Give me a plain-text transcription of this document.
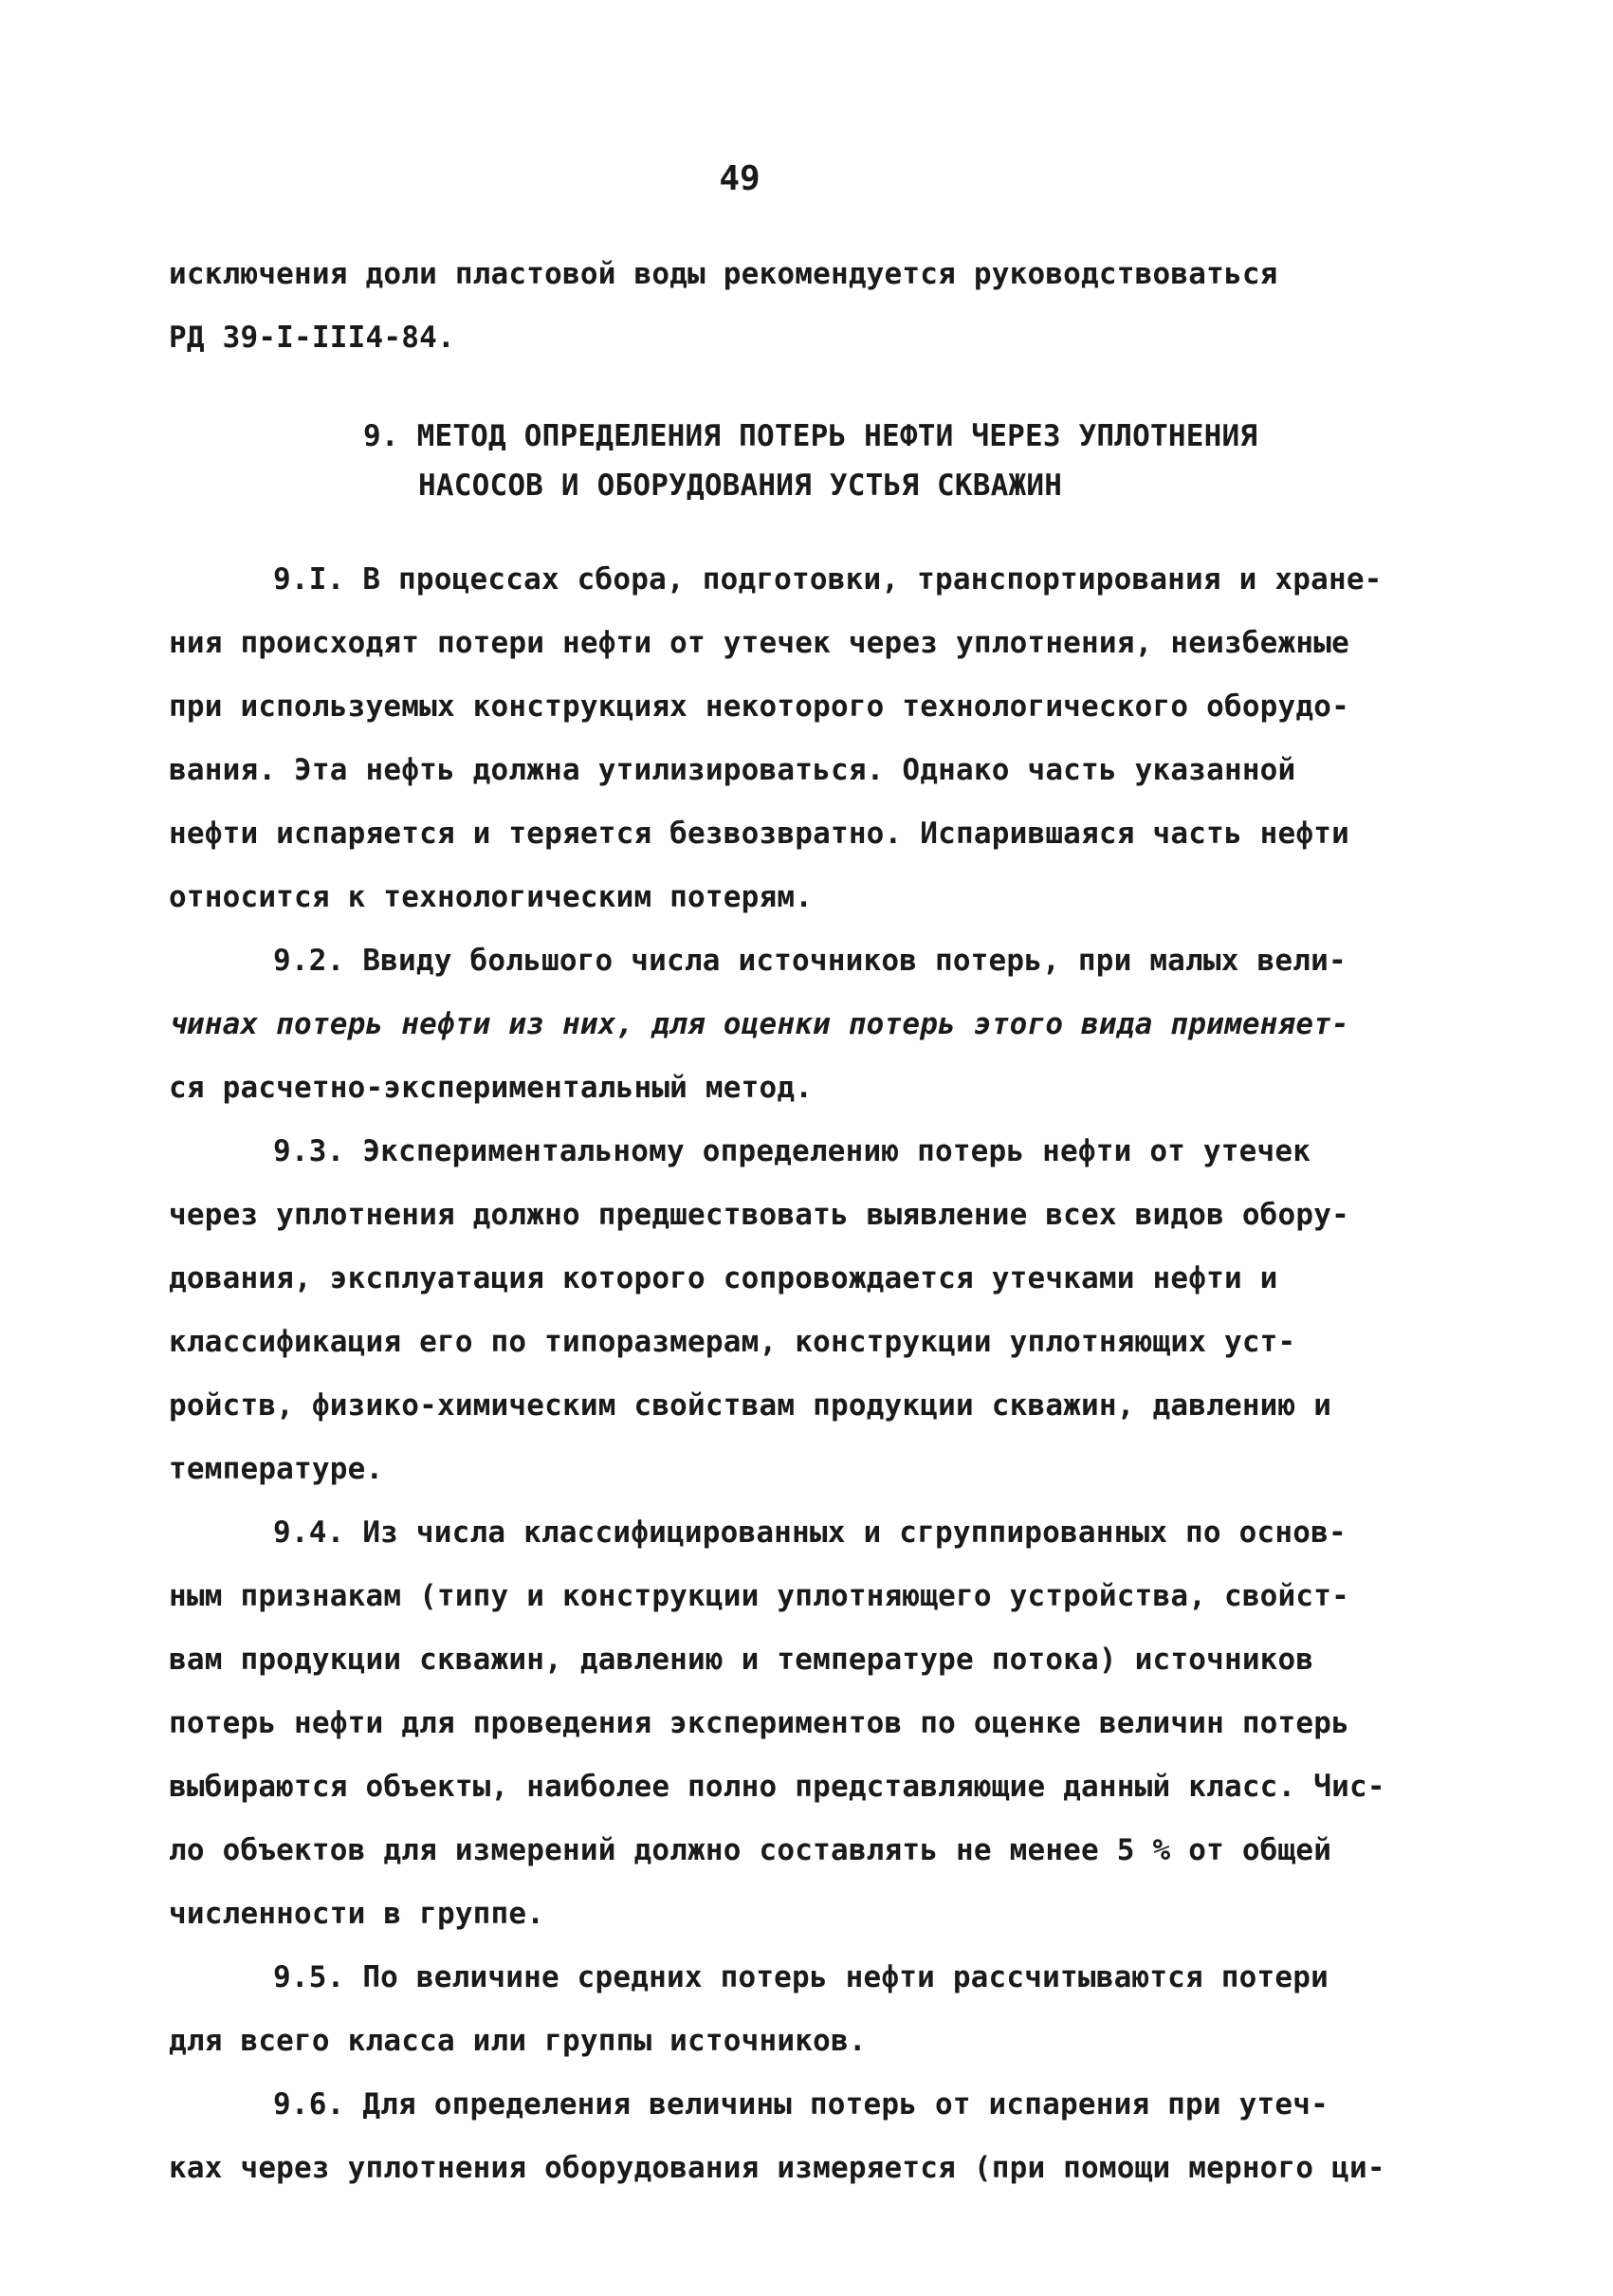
49
исключения доли пластовой воды рекомендуется руководствоваться
РД 39-I-III4-84.
9. МЕТОД ОПРЕДЕЛЕНИЯ ПОТЕРЬ НЕФТИ ЧЕРЕЗ УПЛОТНЕНИЯ
НАСОСОВ И ОБОРУДОВАНИЯ УСТЬЯ СКВАЖИН
9.I. В процессах сбора, подготовки, транспортирования и хране-
ния происходят потери нефти от утечек через уплотнения, неизбежные
при используемых конструкциях некоторого технологического оборудо-
вания. Эта нефть должна утилизироваться. Однако часть указанной
нефти испаряется и теряется безвозвратно. Испарившаяся часть нефти
относится к технологическим потерям.
9.2. Ввиду большого числа источников потерь, при малых вели-
чинах потерь нефти из них, для оценки потерь этого вида применяет-
ся расчетно-экспериментальный метод.
9.3. Экспериментальному определению потерь нефти от утечек
через уплотнения должно предшествовать выявление всех видов обору-
дования, эксплуатация которого сопровождается утечками нефти и
классификация его по типоразмерам, конструкции уплотняющих уст-
ройств, физико-химическим свойствам продукции скважин, давлению и
температуре.
9.4. Из числа классифицированных и сгруппированных по основ-
ным признакам (типу и конструкции уплотняющего устройства, свойст-
вам продукции скважин, давлению и температуре потока) источников
потерь нефти для проведения экспериментов по оценке величин потерь
выбираются объекты, наиболее полно представляющие данный класс. Чис-
ло объектов для измерений должно составлять не менее 5 % от общей
численности в группе.
9.5. По величине средних потерь нефти рассчитываются потери
для всего класса или группы источников.
9.6. Для определения величины потерь от испарения при утеч-
ках через уплотнения оборудования измеряется (при помощи мерного ци-
